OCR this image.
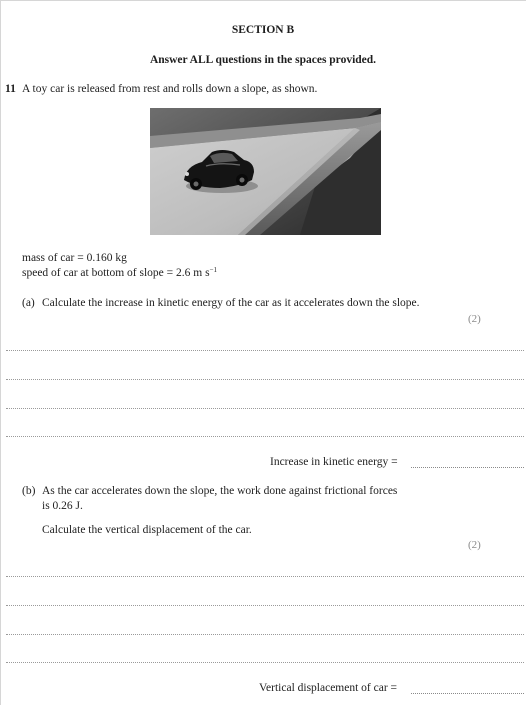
SECTION B
Answer ALL questions in the spaces provided.
11 A toy car is released from rest and rolls down a slope, as shown.
mass of car = 0.160 kg
speed of car at bottom of slope = 2.6 m $s^{-1}$
(a) Calculate the increase in kinetic energy of the car as it accelerates down the slope.
(2)
Increase in kinetic energy =
(b) As the car accelerates down the slope, the work done against frictional forces
is 0.26 J.
Calculate the vertical displacement of the car.
(2)
Vertical displacement of car =
